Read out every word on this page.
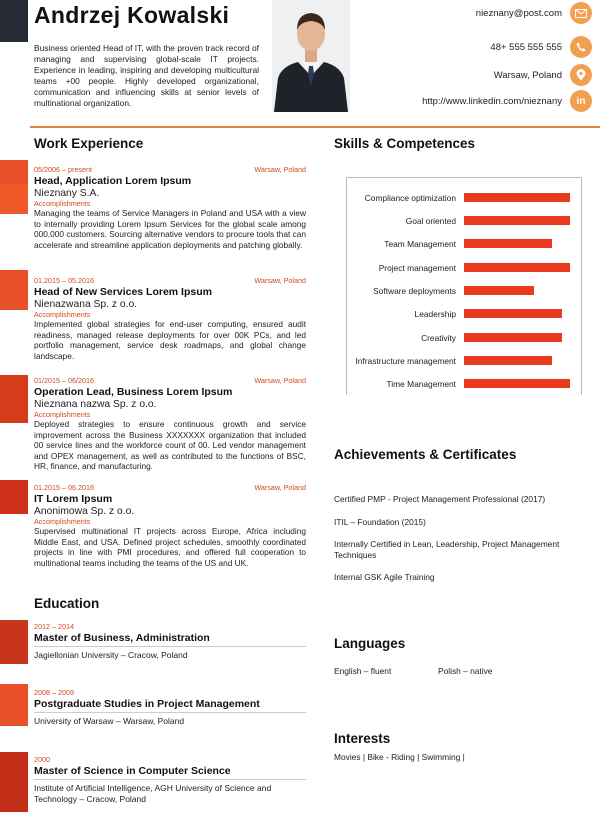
Andrzej Kowalski
Business oriented Head of IT, with the proven track record of managing and supervising global-scale IT projects. Experience in leading, inspiring and developing multicultural teams +00 people. Highly developed organizational, communication and influencing skills at senior levels of multinational organization.
nieznany@post.com
48+ 555 555 555
Warsaw, Poland
http://www.linkedin.com/nieznany	in
Work Experience
05/2006 – present	Warsaw, Poland
Head, Application Lorem Ipsum
Nieznany S.A.
Accomplishments
Managing the teams of Service Managers in Poland and USA with a view to internally providing Lorem Ipsum Services for the global scale among 000,000 customers. Sourcing alternative vendors to procure tools that can accelerate and streamline application deployments and patching globally.
01.2015 – 05.2016	Warsaw, Poland
Head of New Services Lorem Ipsum
Nienazwana Sp. z o.o.
Accomplishments
Implemented global strategies for end-user computing, ensured audit readiness, managed release deployments for over 00K PCs, and led portfolio management, service desk roadmaps, and global change landscape.
01/2015 – 06/2016	Warsaw, Poland
Operation Lead, Business Lorem Ipsum
Nieznana nazwa Sp. z o.o.
Accomplishments
Deployed strategies to ensure continuous growth and service improvement across the Business XXXXXXX organization that included 00 service lines and the workforce count of 00. Led vendor management and OPEX management, as well as contributed to the functions of BSC, HR, finance, and manufacturing.
01.2015 – 06.2016	Warsaw, Poland
IT Lorem Ipsum
Anonimowa Sp. z o.o.
Accomplishments
Supervised multinational IT projects across Europe, Africa including Middle East, and USA. Defined project schedules, smoothly coordinated projects in line with PMI procedures, and offered full cooperation to multinational teams including the teams of the US and UK.
Education
2012 – 2014
Master of Business, Administration
Jagiellonian University – Cracow, Poland
2008 – 2009
Postgraduate Studies in Project Management
University of Warsaw – Warsaw, Poland
2000
Master of Science in Computer Science
Institute of Artificial Intelligence, AGH University of Science and Technology – Cracow, Poland
Skills & Competences
Compliance optimization
Goal oriented
Team Management
Project management
Software deployments
Leadership
Creativity
Infrastructure management
Time Management
Achievements & Certificates
Certified PMP - Project Management Professional (2017)
ITIL – Foundation (2015)
Internally Certified in Lean, Leadership, Project Management Techniques
Internal GSK Agile Training
Languages
English – fluent	Polish – native
Interests
Movies | Bike - Riding | Swimming |
